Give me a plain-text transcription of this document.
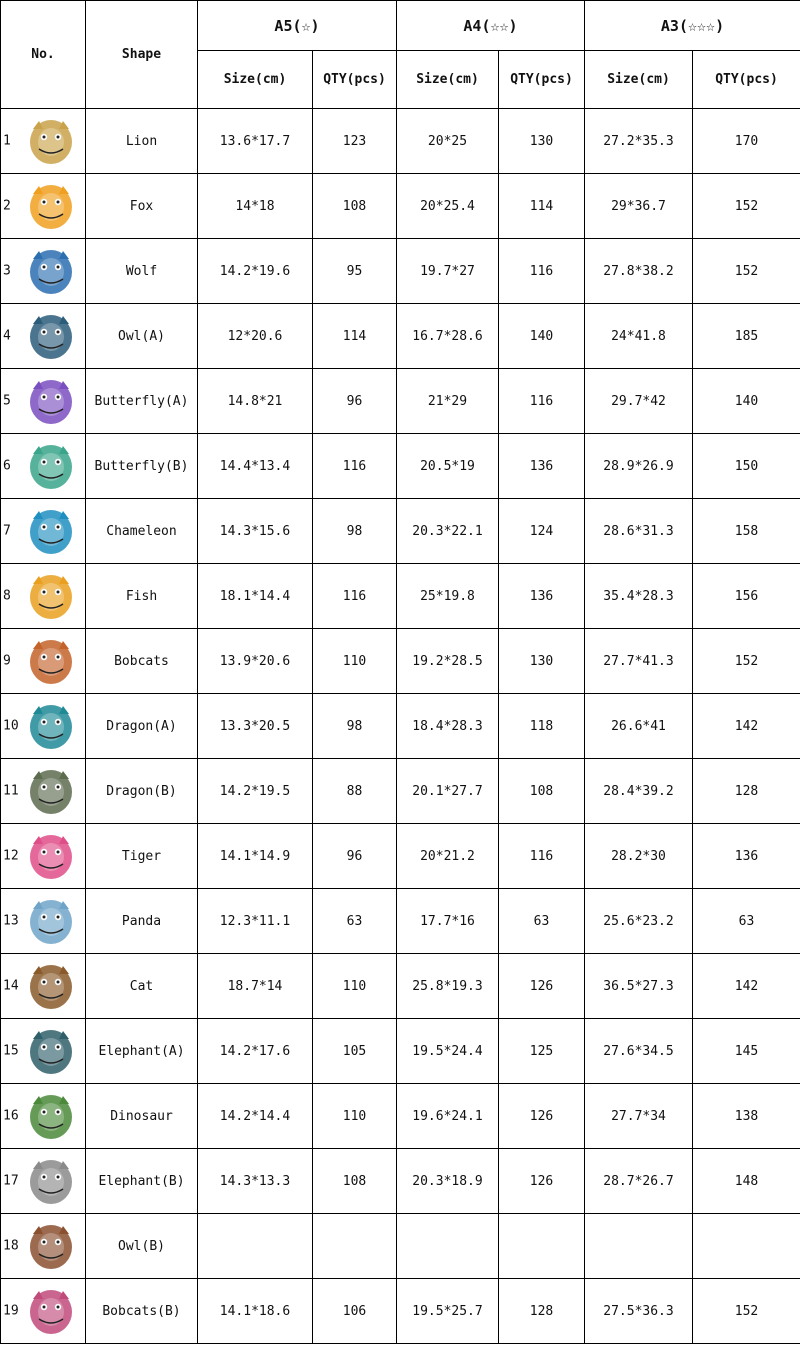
No.	Shape	A5(☆)		A4(☆☆)		A3(☆☆☆)	
		Size(cm)	QTY(pcs)	Size(cm)	QTY(pcs)	Size(cm)	QTY(pcs)

1	Lion	13.6*17.7	123	20*25	130	27.2*35.3	170

2	Fox	14*18	108	20*25.4	114	29*36.7	152

3	Wolf	14.2*19.6	95	19.7*27	116	27.8*38.2	152

4	Owl(A)	12*20.6	114	16.7*28.6	140	24*41.8	185

5	Butterfly(A)	14.8*21	96	21*29	116	29.7*42	140

6	Butterfly(B)	14.4*13.4	116	20.5*19	136	28.9*26.9	150

7	Chameleon	14.3*15.6	98	20.3*22.1	124	28.6*31.3	158

8	Fish	18.1*14.4	116	25*19.8	136	35.4*28.3	156

9	Bobcats	13.9*20.6	110	19.2*28.5	130	27.7*41.3	152

10	Dragon(A)	13.3*20.5	98	18.4*28.3	118	26.6*41	142

11	Dragon(B)	14.2*19.5	88	20.1*27.7	108	28.4*39.2	128

12	Tiger	14.1*14.9	96	20*21.2	116	28.2*30	136

13	Panda	12.3*11.1	63	17.7*16	63	25.6*23.2	63

14	Cat	18.7*14	110	25.8*19.3	126	36.5*27.3	142

15	Elephant(A)	14.2*17.6	105	19.5*24.4	125	27.6*34.5	145

16	Dinosaur	14.2*14.4	110	19.6*24.1	126	27.7*34	138

17	Elephant(B)	14.3*13.3	108	20.3*18.9	126	28.7*26.7	148

18	Owl(B)						

19	Bobcats(B)	14.1*18.6	106	19.5*25.7	128	27.5*36.3	152
